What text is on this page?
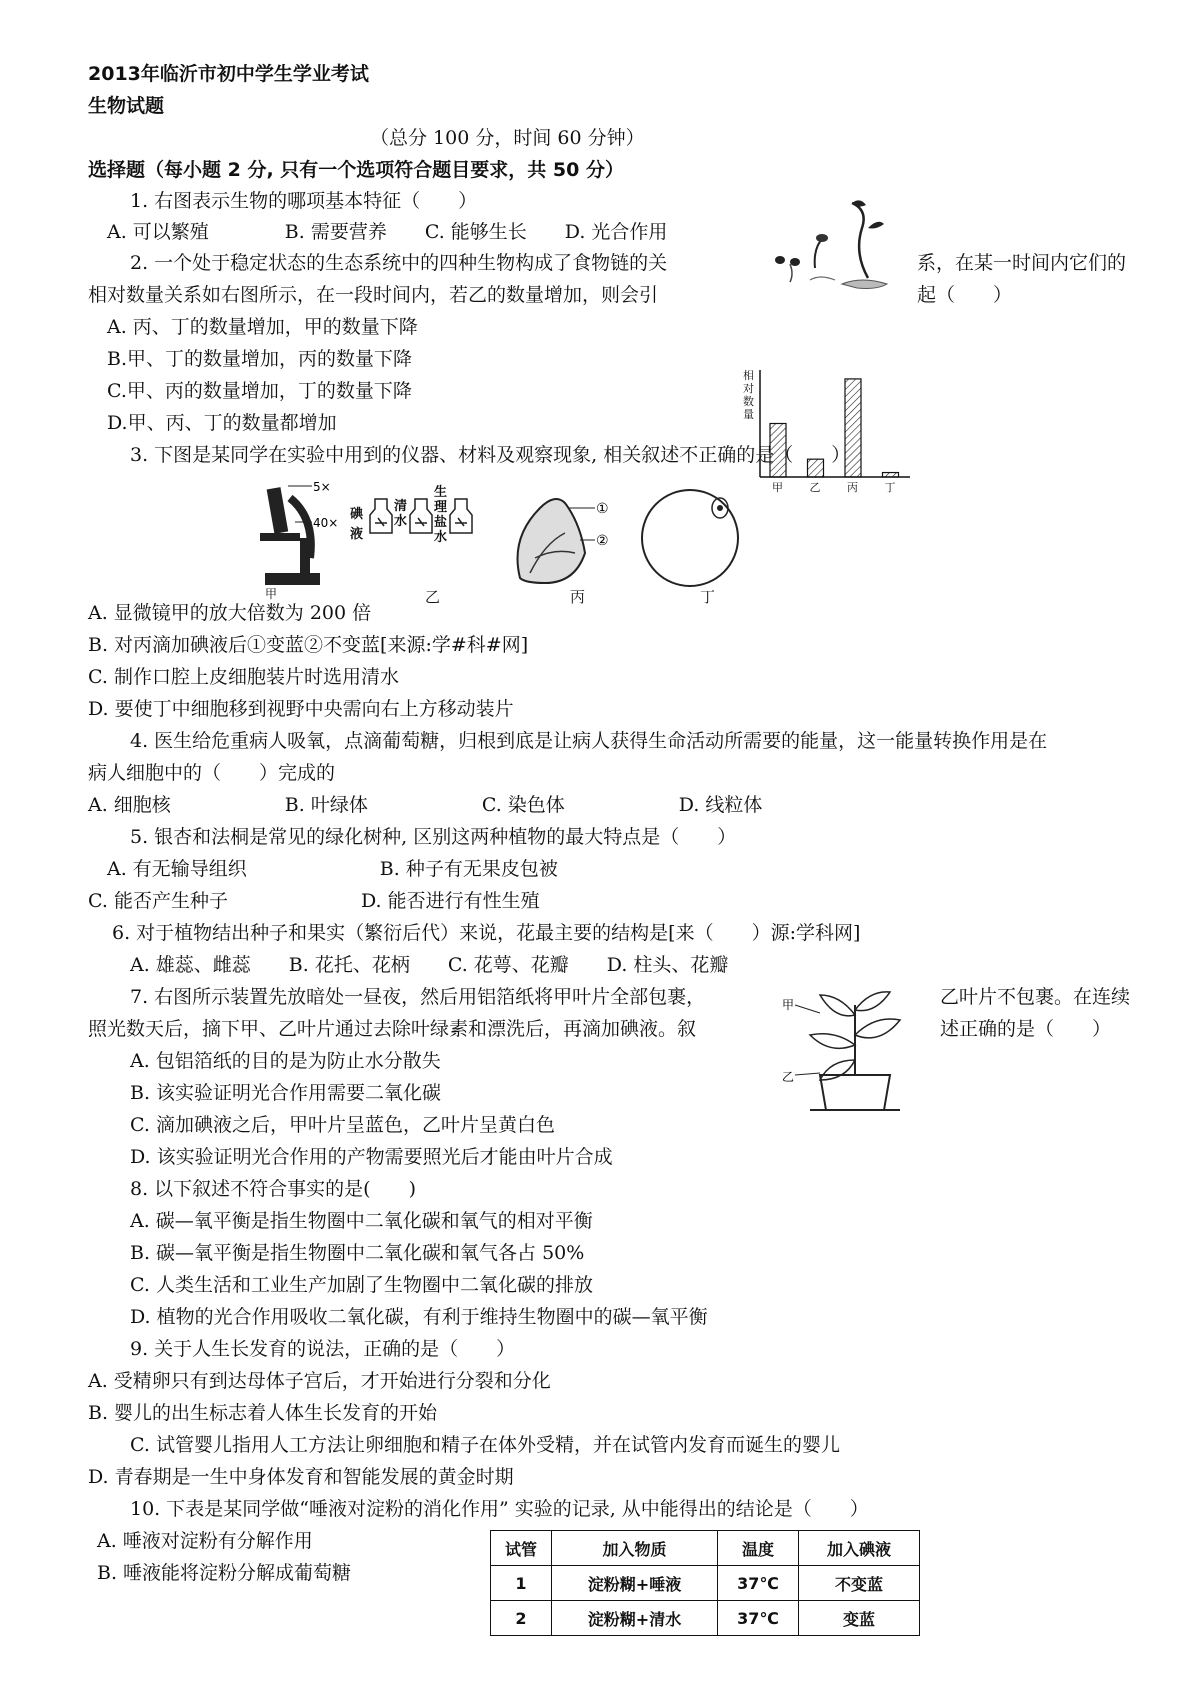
2013年临沂市初中学生学业考试
生物试题
（总分 100 分，时间 60 分钟）
选择题（每小题 2 分, 只有一个选项符合题目要求，共 50 分）
1. 右图表示生物的哪项基本特征（　　）
A. 可以繁殖　　　　B. 需要营养　　C. 能够生长　　D. 光合作用
2. 一个处于稳定状态的生态系统中的四种生物构成了食物链的关	系，在某一时间内它们的
相对数量关系如右图所示，在一段时间内，若乙的数量增加，则会引	起（　　）
A. 丙、丁的数量增加，甲的数量下降
B.甲、丁的数量增加，丙的数量下降
C.甲、丙的数量增加，丁的数量下降
D.甲、丙、丁的数量都增加
相
对
数
量
甲 乙 丙 丁
3. 下图是某同学在实验中用到的仪器、材料及观察现象, 相关叙述不正确的是（　　）
5×
40×
碘液
清水
生理盐水
①
②
甲	乙	丙	丁
A. 显微镜甲的放大倍数为 200 倍
B. 对丙滴加碘液后①变蓝②不变蓝[来源:学#科#网]
C. 制作口腔上皮细胞装片时选用清水
D. 要使丁中细胞移到视野中央需向右上方移动装片
4. 医生给危重病人吸氧，点滴葡萄糖，归根到底是让病人获得生命活动所需要的能量，这一能量转换作用是在
病人细胞中的（　　）完成的
A. 细胞核　　　　　　B. 叶绿体　　　　　　C. 染色体　　　　　　D. 线粒体
5. 银杏和法桐是常见的绿化树种, 区别这两种植物的最大特点是（　　）
A. 有无输导组织　　　　　　　B. 种子有无果皮包被
C. 能否产生种子　　　　　　　D. 能否进行有性生殖
6. 对于植物结出种子和果实（繁衍后代）来说，花最主要的结构是[来（　　）源:学科网]
A. 雄蕊、雌蕊　　B. 花托、花柄　　C. 花萼、花瓣　　D. 柱头、花瓣
7. 右图所示装置先放暗处一昼夜，然后用铝箔纸将甲叶片全部包裹，	乙叶片不包裹。在连续
照光数天后，摘下甲、乙叶片通过去除叶绿素和漂洗后，再滴加碘液。叙	述正确的是（　　）
A. 包铝箔纸的目的是为防止水分散失
B. 该实验证明光合作用需要二氧化碳
C. 滴加碘液之后，甲叶片呈蓝色，乙叶片呈黄白色
D. 该实验证明光合作用的产物需要照光后才能由叶片合成
甲
乙
8. 以下叙述不符合事实的是(　　)
A. 碳—氧平衡是指生物圈中二氧化碳和氧气的相对平衡
B. 碳—氧平衡是指生物圈中二氧化碳和氧气各占 50%
C. 人类生活和工业生产加剧了生物圈中二氧化碳的排放
D. 植物的光合作用吸收二氧化碳，有利于维持生物圈中的碳—氧平衡
9. 关于人生长发育的说法，正确的是（　　）
A. 受精卵只有到达母体子宫后，才开始进行分裂和分化
B. 婴儿的出生标志着人体生长发育的开始
C. 试管婴儿指用人工方法让卵细胞和精子在体外受精，并在试管内发育而诞生的婴儿
D. 青春期是一生中身体发育和智能发展的黄金时期
10. 下表是某同学做“唾液对淀粉的消化作用” 实验的记录, 从中能得出的结论是（　　）
A. 唾液对淀粉有分解作用
B. 唾液能将淀粉分解成葡萄糖
试管	加入物质	温度	加入碘液
1	淀粉糊+唾液	37℃	不变蓝
2	淀粉糊+清水	37℃	变蓝
